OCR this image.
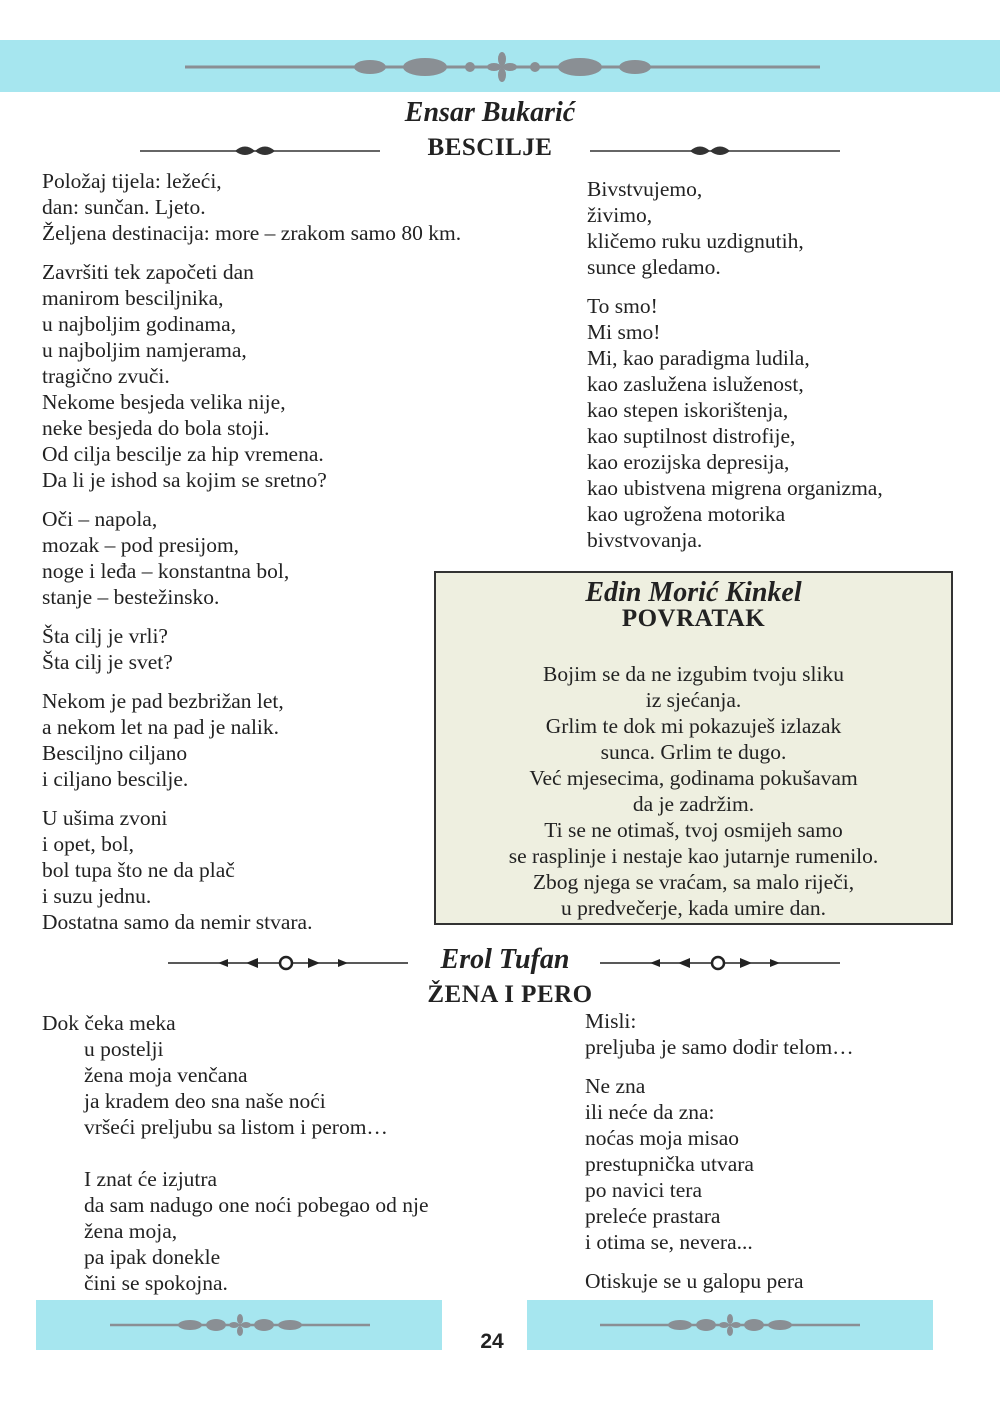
Ensar Bukarić
BESCILJE
Položaj tijela: ležeći,
dan: sunčan. Ljeto.
Željena destinacija: more – zrakom samo 80 km.
Završiti tek započeti dan
manirom besciljnika,
u najboljim godinama,
u najboljim namjerama,
tragično zvuči.
Nekome besjeda velika nije,
neke besjeda do bola stoji.
Od cilja bescilje za hip vremena.
Da li je ishod sa kojim se sretno?
Oči – napola,
mozak – pod presijom,
noge i leđa – konstantna bol,
stanje – bestežinsko.
Šta cilj je vrli?
Šta cilj je svet?
Nekom je pad bezbrižan let,
a nekom let na pad je nalik.
Besciljno ciljano
i ciljano bescilje.
U ušima zvoni
i opet, bol,
bol tupa što ne da plač
i suzu jednu.
Dostatna samo da nemir stvara.
Bivstvujemo,
živimo,
kličemo ruku uzdignutih,
sunce gledamo.
To smo!
Mi smo!
Mi, kao paradigma ludila,
kao zaslužena isluženost,
kao stepen iskorištenja,
kao suptilnost distrofije,
kao erozijska depresija,
kao ubistvena migrena organizma,
kao ugrožena motorika
bivstvovanja.
Edin Morić Kinkel
POVRATAK
Bojim se da ne izgubim tvoju sliku
iz sjećanja.
Grlim te dok mi pokazuješ izlazak
sunca. Grlim te dugo.
Već mjesecima, godinama pokušavam
da je zadržim.
Ti se ne otimaš, tvoj osmijeh samo
se rasplinje i nestaje kao jutarnje rumenilo.
Zbog njega se vraćam, sa malo riječi,
u predvečerje, kada umire dan.
Erol Tufan
ŽENA I PERO
Dok čeka meka
u postelji
žena moja venčana
ja kradem deo sna naše noći
vršeći preljubu sa listom i perom…
I znat će izjutra
da sam nadugo one noći pobegao od nje
žena moja,
pa ipak donekle
čini se spokojna.
Misli:
preljuba je samo dodir telom…
Ne zna
ili neće da zna:
noćas moja misao
prestupnička utvara
po navici tera
preleće prastara
i otima se, nevera...
Otiskuje se u galopu pera
24
